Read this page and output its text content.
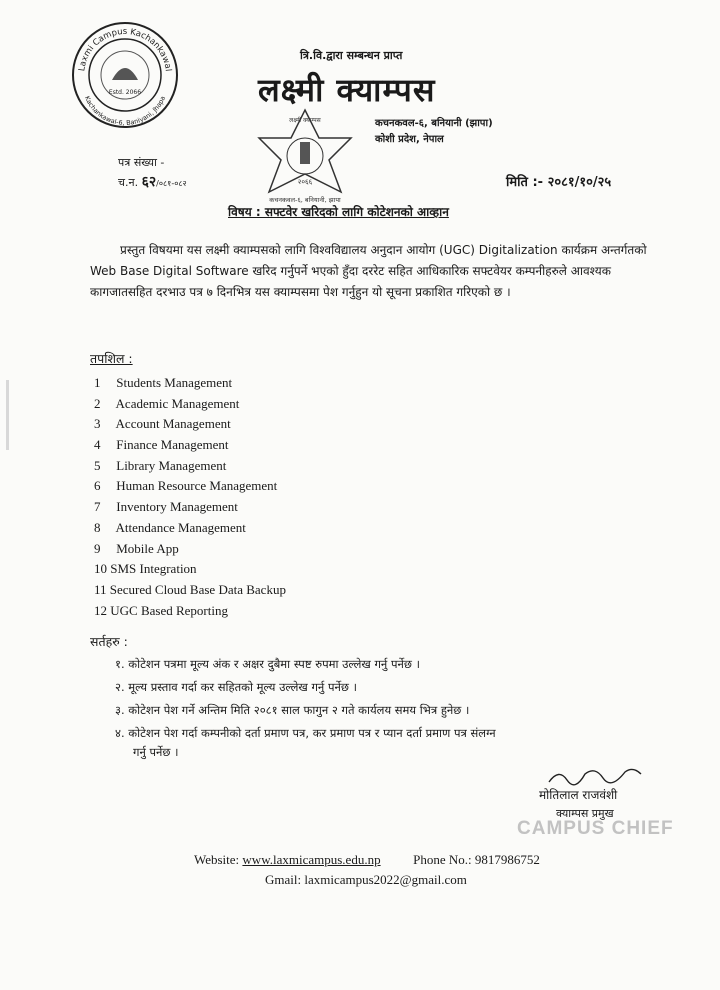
Laxmi Campus Kachankawal
Kachankawal-6, Baniyani, Jhapa
Estd. 2066
त्रि.वि.द्वारा सम्बन्धन प्राप्त
लक्ष्मी क्याम्पस
लक्ष्मी क्याम्पस
२०६६
कचनकवल-६, बनियानी, झापा
कचनकवल-६, बनियानी (झापा)
कोशी प्रदेश, नेपाल
पत्र संख्या -
च.न. ६२/०८१-०८२	मिति :- २०८१/१०/२५
विषय : सफ्टवेर खरिदको लागि कोटेशनको आव्हान
प्रस्तुत विषयमा यस लक्ष्मी क्याम्पसको लागि विश्वविद्यालय अनुदान आयोग (UGC) Digitalization कार्यक्रम अन्तर्गतको Web Base Digital Software खरिद गर्नुपर्ने भएको हुँदा दररेट सहित आधिकारिक सफ्टवेयर कम्पनीहरुले आवश्यक कागजातसहित दरभाउ पत्र ७ दिनभित्र यस क्याम्पसमा पेश गर्नुहुन यो सूचना प्रकाशित गरिएको छ ।
तपशिल :
1 Students Management
2 Academic Management
3 Account Management
4 Finance Management
5 Library Management
6 Human Resource Management
7 Inventory Management
8 Attendance Management
9 Mobile App
10 SMS Integration
11 Secured Cloud Base Data Backup
12 UGC Based Reporting
सर्तहरु :
१. कोटेशन पत्रमा मूल्य अंक र अक्षर दुबैमा स्पष्ट रुपमा उल्लेख गर्नु पर्नेछ ।
२. मूल्य प्रस्ताव गर्दा कर सहितको मूल्य उल्लेख गर्नु पर्नेछ ।
३. कोटेशन पेश गर्ने अन्तिम मिति २०८१ साल फागुन २ गते कार्यलय समय भित्र हुनेछ ।
४. कोटेशन पेश गर्दा कम्पनीको दर्ता प्रमाण पत्र, कर प्रमाण पत्र र प्यान दर्ता प्रमाण पत्र संलग्न
गर्नु पर्नेछ ।
मोतिलाल राजवंशी
क्याम्पस प्रमुख
CAMPUS CHIEF
Website: www.laxmicampus.edu.np	Phone No.: 9817986752
Gmail: laxmicampus2022@gmail.com
